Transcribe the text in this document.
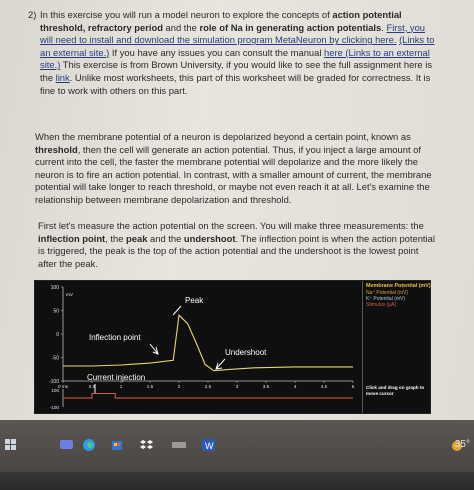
2) In this exercise you will run a model neuron to explore the concepts of action potential threshold, refractory period and the role of Na in generating action potentials. First, you will need to install and download the simulation program MetaNeuron by clicking here. (Links to an external site.) If you have any issues you can consult the manual here (Links to an external site.) This exercise is from Brown University, if you would like to see the full assignment here is the link. Unlike most worksheets, this part of this worksheet will be graded for correctness. It is fine to work with others on this part.

When the membrane potential of a neuron is depolarized beyond a certain point, known as threshold, then the cell will generate an action potential. Thus, if you inject a large amount of current into the cell, the faster the membrane potential will depolarize and the more likely the neuron is to fire an action potential. In contrast, with a smaller amount of current, the membrane potential will take longer to reach threshold, or maybe not even reach it at all. Let's examine the relationship between membrane depolarization and threshold.

First let's measure the action potential on the screen. You will make three measurements: the inflection point, the peak and the undershoot. The inflection point is when the action potential is triggered, the peak is the top of the action potential and the undershoot is the lowest point after the peak.

100
50
0
-50
-100
mV
0 ms	0.5	1	1.5	2	2.5	3	3.5	4	4.5	5
100
-100
Peak
Inflection point
Undershoot
Current injection
Membrane Potential (mV)
Na⁺ Potential (mV)
K⁺ Potential (mV)
Stimulus (µA)
Click and drag on graph to move cursor
W	35°
